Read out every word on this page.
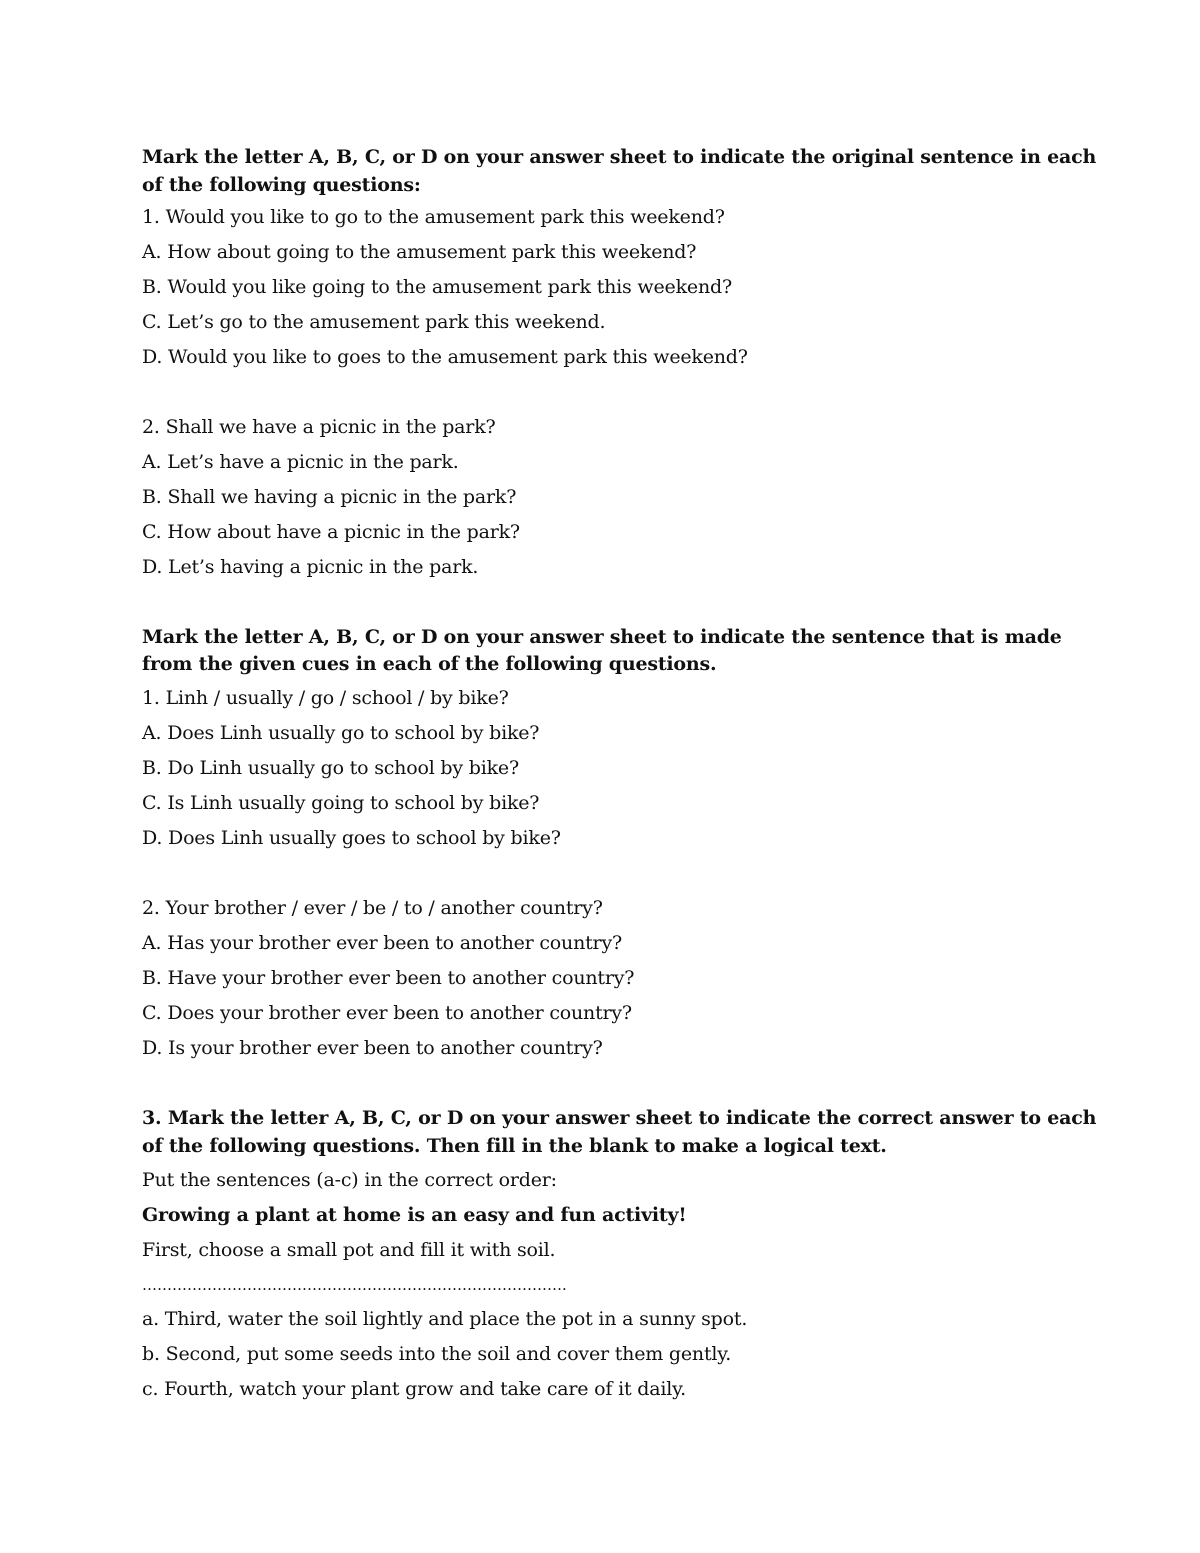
Mark the letter A, B, C, or D on your answer sheet to indicate the original sentence in each
of the following questions:
1. Would you like to go to the amusement park this weekend?
A. How about going to the amusement park this weekend?
B. Would you like going to the amusement park this weekend?
C. Let’s go to the amusement park this weekend.
D. Would you like to goes to the amusement park this weekend?
2. Shall we have a picnic in the park?
A. Let’s have a picnic in the park.
B. Shall we having a picnic in the park?
C. How about have a picnic in the park?
D. Let’s having a picnic in the park.
Mark the letter A, B, C, or D on your answer sheet to indicate the sentence that is made
from the given cues in each of the following questions.
1. Linh / usually / go / school / by bike?
A. Does Linh usually go to school by bike?
B. Do Linh usually go to school by bike?
C. Is Linh usually going to school by bike?
D. Does Linh usually goes to school by bike?
2. Your brother / ever / be / to / another country?
A. Has your brother ever been to another country?
B. Have your brother ever been to another country?
C. Does your brother ever been to another country?
D. Is your brother ever been to another country?
3. Mark the letter A, B, C, or D on your answer sheet to indicate the correct answer to each
of the following questions. Then fill in the blank to make a logical text.
Put the sentences (a-c) in the correct order:
Growing a plant at home is an easy and fun activity!
First, choose a small pot and fill it with soil.
………………………………………………………………………….
a. Third, water the soil lightly and place the pot in a sunny spot.
b. Second, put some seeds into the soil and cover them gently.
c. Fourth, watch your plant grow and take care of it daily.
